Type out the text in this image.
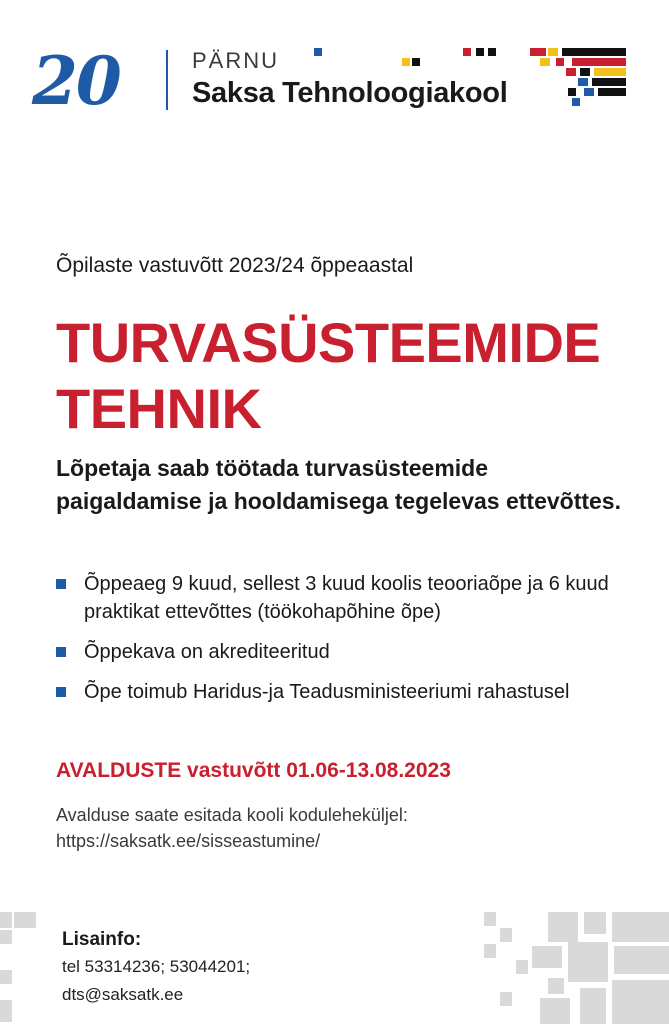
20	PÄRNU
Saksa Tehnoloogiakool
Õpilaste vastuvõtt 2023/24 õppeaastal
TURVASÜSTEEMIDE
TEHNIK
Lõpetaja saab töötada turvasüsteemide paigaldamise ja hooldamisega tegelevas ettevõttes.
Õppeaeg 9 kuud, sellest 3 kuud koolis teooriaõpe ja 6 kuud praktikat ettevõttes (töökohapõhine õpe)
Õppekava on akrediteeritud
Õpe toimub Haridus-ja Teadusministeeriumi rahastusel
AVALDUSTE vastuvõtt 01.06-13.08.2023
Avalduse saate esitada kooli koduleheküljel:
https://saksatk.ee/sisseastumine/
Lisainfo:
tel 53314236; 53044201;
dts@saksatk.ee
